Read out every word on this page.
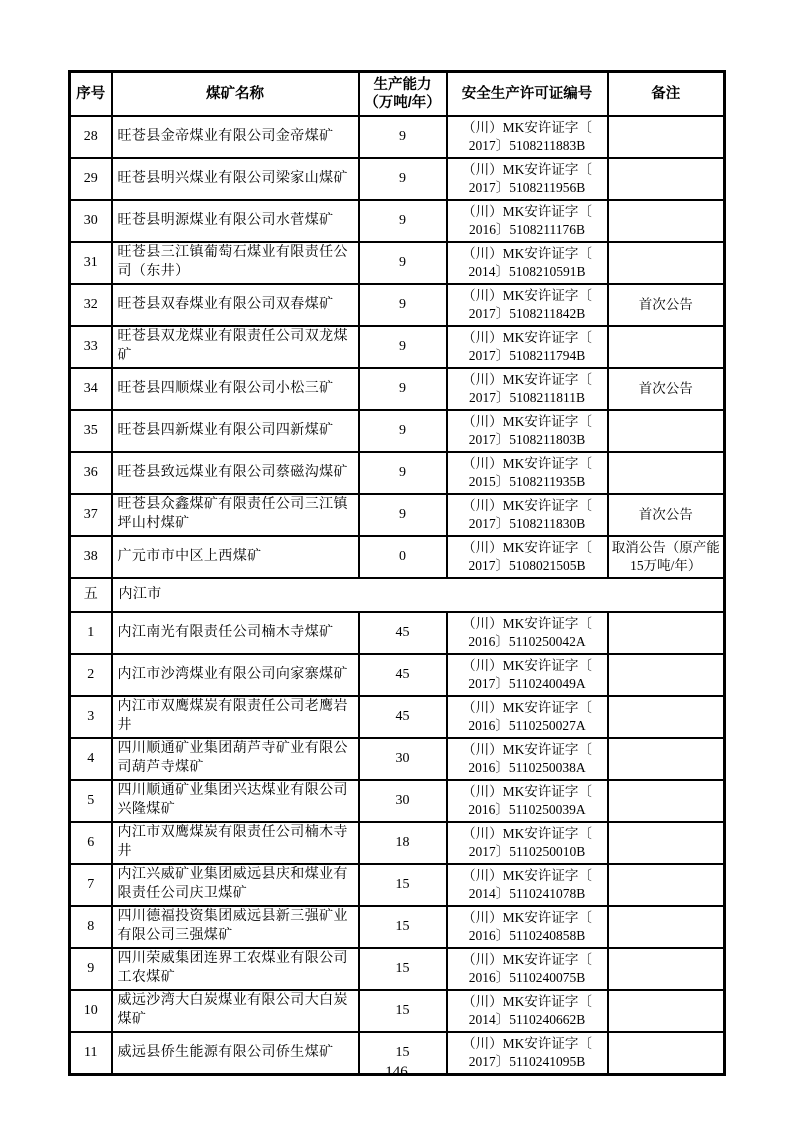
序号	煤矿名称	生产能力
（万吨/年）	安全生产许可证编号	备注
28	旺苍县金帝煤业有限公司金帝煤矿	9	（川）MK安许证字〔
2017〕5108211883B	

29	旺苍县明兴煤业有限公司梁家山煤矿	9	（川）MK安许证字〔
2017〕5108211956B	

30	旺苍县明源煤业有限公司水菅煤矿	9	（川）MK安许证字〔
2016〕5108211176B	

31	旺苍县三江镇葡萄石煤业有限责任公司（东井）	9	（川）MK安许证字〔
2014〕5108210591B	

32	旺苍县双春煤业有限公司双春煤矿	9	（川）MK安许证字〔
2017〕5108211842B	首次公告
33	旺苍县双龙煤业有限责任公司双龙煤矿	9	（川）MK安许证字〔
2017〕5108211794B	

34	旺苍县四顺煤业有限公司小松三矿	9	（川）MK安许证字〔
2017〕5108211811B	首次公告
35	旺苍县四新煤业有限公司四新煤矿	9	（川）MK安许证字〔
2017〕5108211803B	

36	旺苍县致远煤业有限公司蔡磁沟煤矿	9	（川）MK安许证字〔
2015〕5108211935B	

37	旺苍县众鑫煤矿有限责任公司三江镇坪山村煤矿	9	（川）MK安许证字〔
2017〕5108211830B	首次公告
38	广元市市中区上西煤矿	0	（川）MK安许证字〔
2017〕5108021505B	取消公告（原产能15万吨/年）
五	内江市			
1	内江南光有限责任公司楠木寺煤矿	45	（川）MK安许证字〔
2016〕5110250042A	

2	内江市沙湾煤业有限公司向家寨煤矿	45	（川）MK安许证字〔
2017〕5110240049A	

3	内江市双鹰煤炭有限责任公司老鹰岩井	45	（川）MK安许证字〔
2016〕5110250027A	

4	四川顺通矿业集团葫芦寺矿业有限公司葫芦寺煤矿	30	（川）MK安许证字〔
2016〕5110250038A	

5	四川顺通矿业集团兴达煤业有限公司兴隆煤矿	30	（川）MK安许证字〔
2016〕5110250039A	

6	内江市双鹰煤炭有限责任公司楠木寺井	18	（川）MK安许证字〔
2017〕5110250010B	

7	内江兴威矿业集团威远县庆和煤业有限责任公司庆卫煤矿	15	（川）MK安许证字〔
2014〕5110241078B	

8	四川德福投资集团威远县新三强矿业有限公司三强煤矿	15	（川）MK安许证字〔
2016〕5110240858B	

9	四川荣威集团连界工农煤业有限公司工农煤矿	15	（川）MK安许证字〔
2016〕5110240075B	

10	威远沙湾大白炭煤业有限公司大白炭煤矿	15	（川）MK安许证字〔
2014〕5110240662B	

11	威远县侨生能源有限公司侨生煤矿	15	（川）MK安许证字〔
2017〕5110241095B	

146
